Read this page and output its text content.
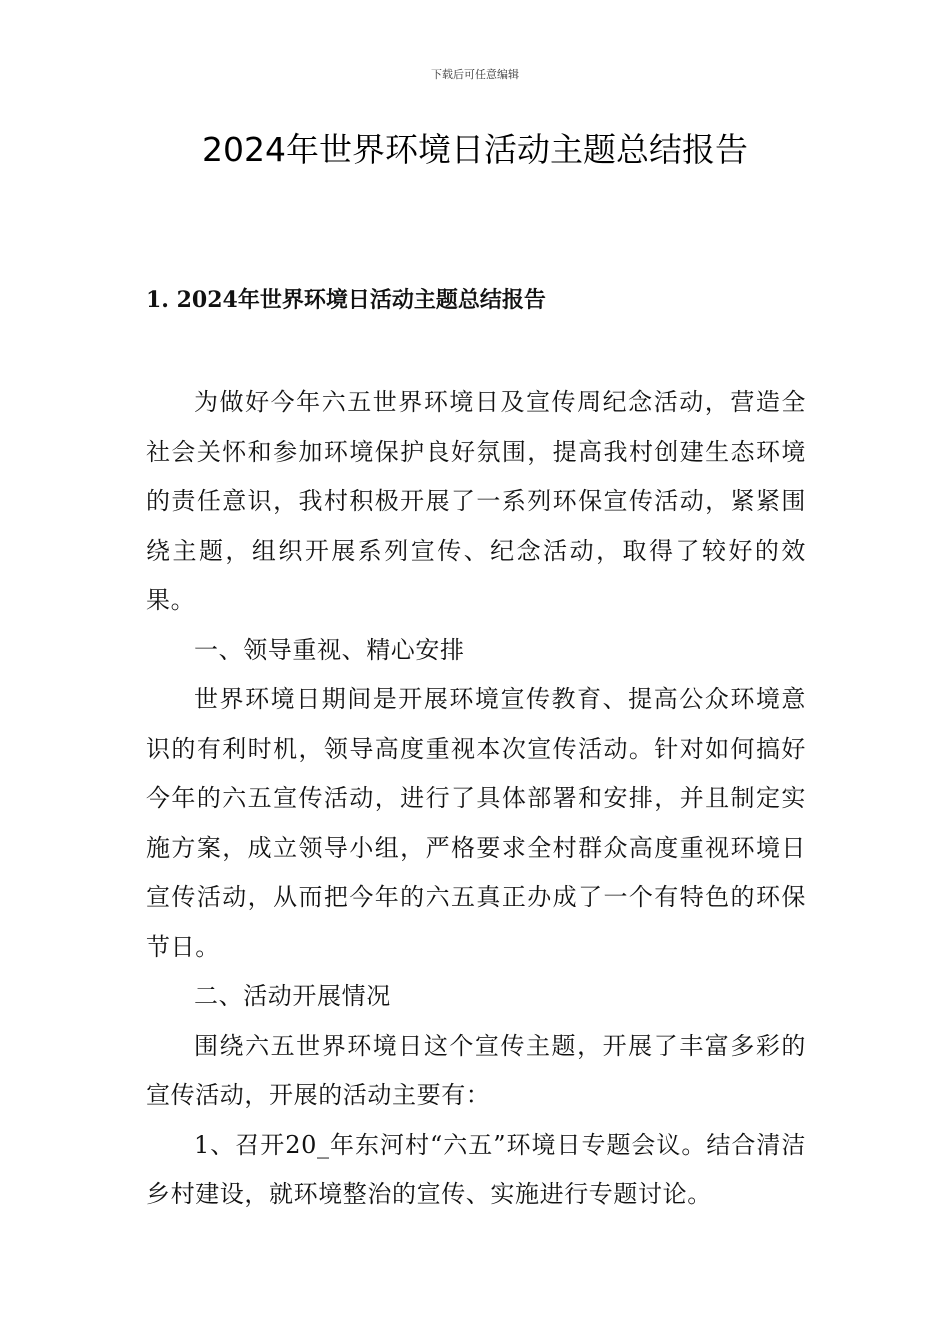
下载后可任意编辑
2024年世界环境日活动主题总结报告
1. 2024年世界环境日活动主题总结报告

为做好今年六五世界环境日及宣传周纪念活动，营造全社会关怀和参加环境保护良好氛围，提高我村创建生态环境的责任意识，我村积极开展了一系列环保宣传活动，紧紧围绕主题，组织开展系列宣传、纪念活动，取得了较好的效果。

一、领导重视、精心安排

世界环境日期间是开展环境宣传教育、提高公众环境意识的有利时机，领导高度重视本次宣传活动。针对如何搞好今年的六五宣传活动，进行了具体部署和安排，并且制定实施方案，成立领导小组，严格要求全村群众高度重视环境日宣传活动，从而把今年的六五真正办成了一个有特色的环保节日。

二、活动开展情况

围绕六五世界环境日这个宣传主题，开展了丰富多彩的宣传活动，开展的活动主要有：

1、召开20_年东河村“六五”环境日专题会议。结合清洁乡村建设，就环境整治的宣传、实施进行专题讨论。
